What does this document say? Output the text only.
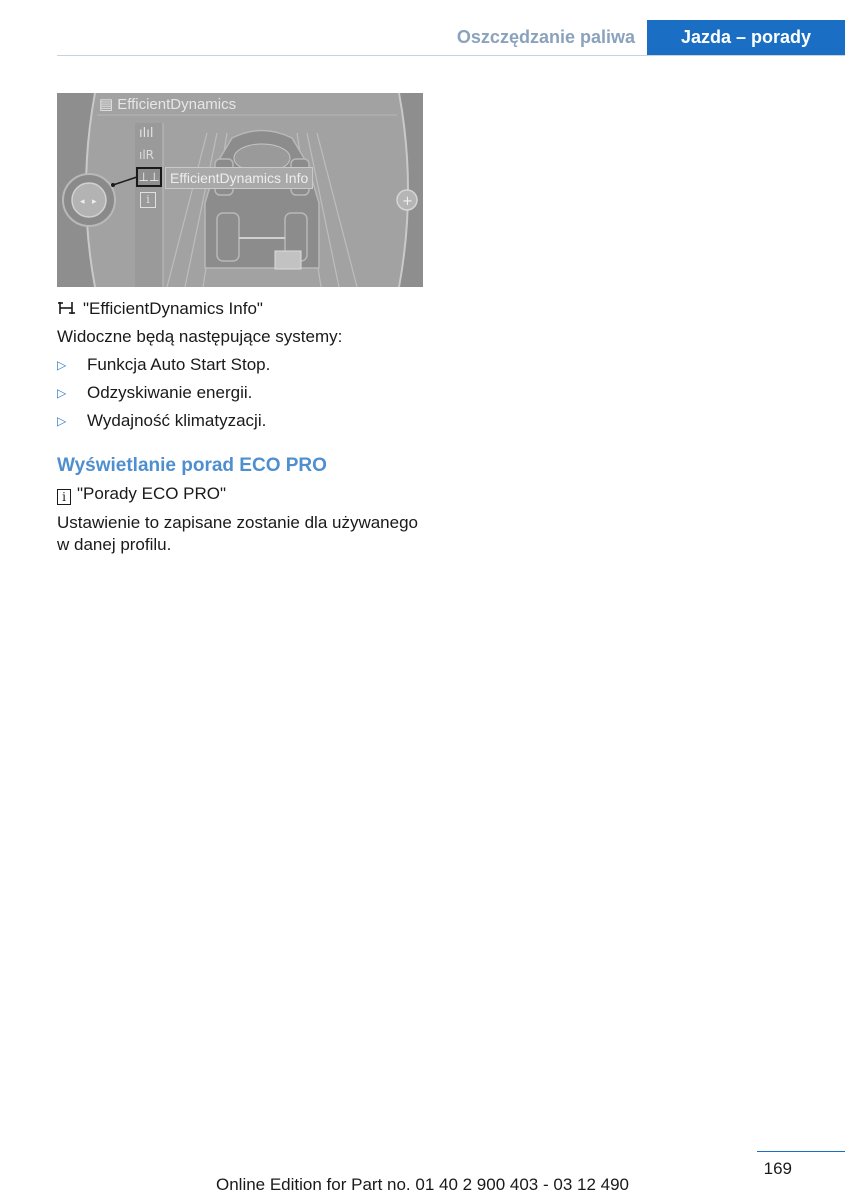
Oszczędzanie paliwa	Jazda – porady
◂ ▸	+
▤ EfficientDynamics
ılıl
ılR
⊥⊥
i
EfficientDynamics Info
"EfficientDynamics Info"
Widoczne będą następujące systemy:
▷ Funkcja Auto Start Stop.
▷ Odzyskiwanie energii.
▷ Wydajność klimatyzacji.
Wyświetlanie porad ECO PRO
i "Porady ECO PRO"
Ustawienie to zapisane zostanie dla używanego
w danej profilu.
169
Online Edition for Part no. 01 40 2 900 403 - 03 12 490
